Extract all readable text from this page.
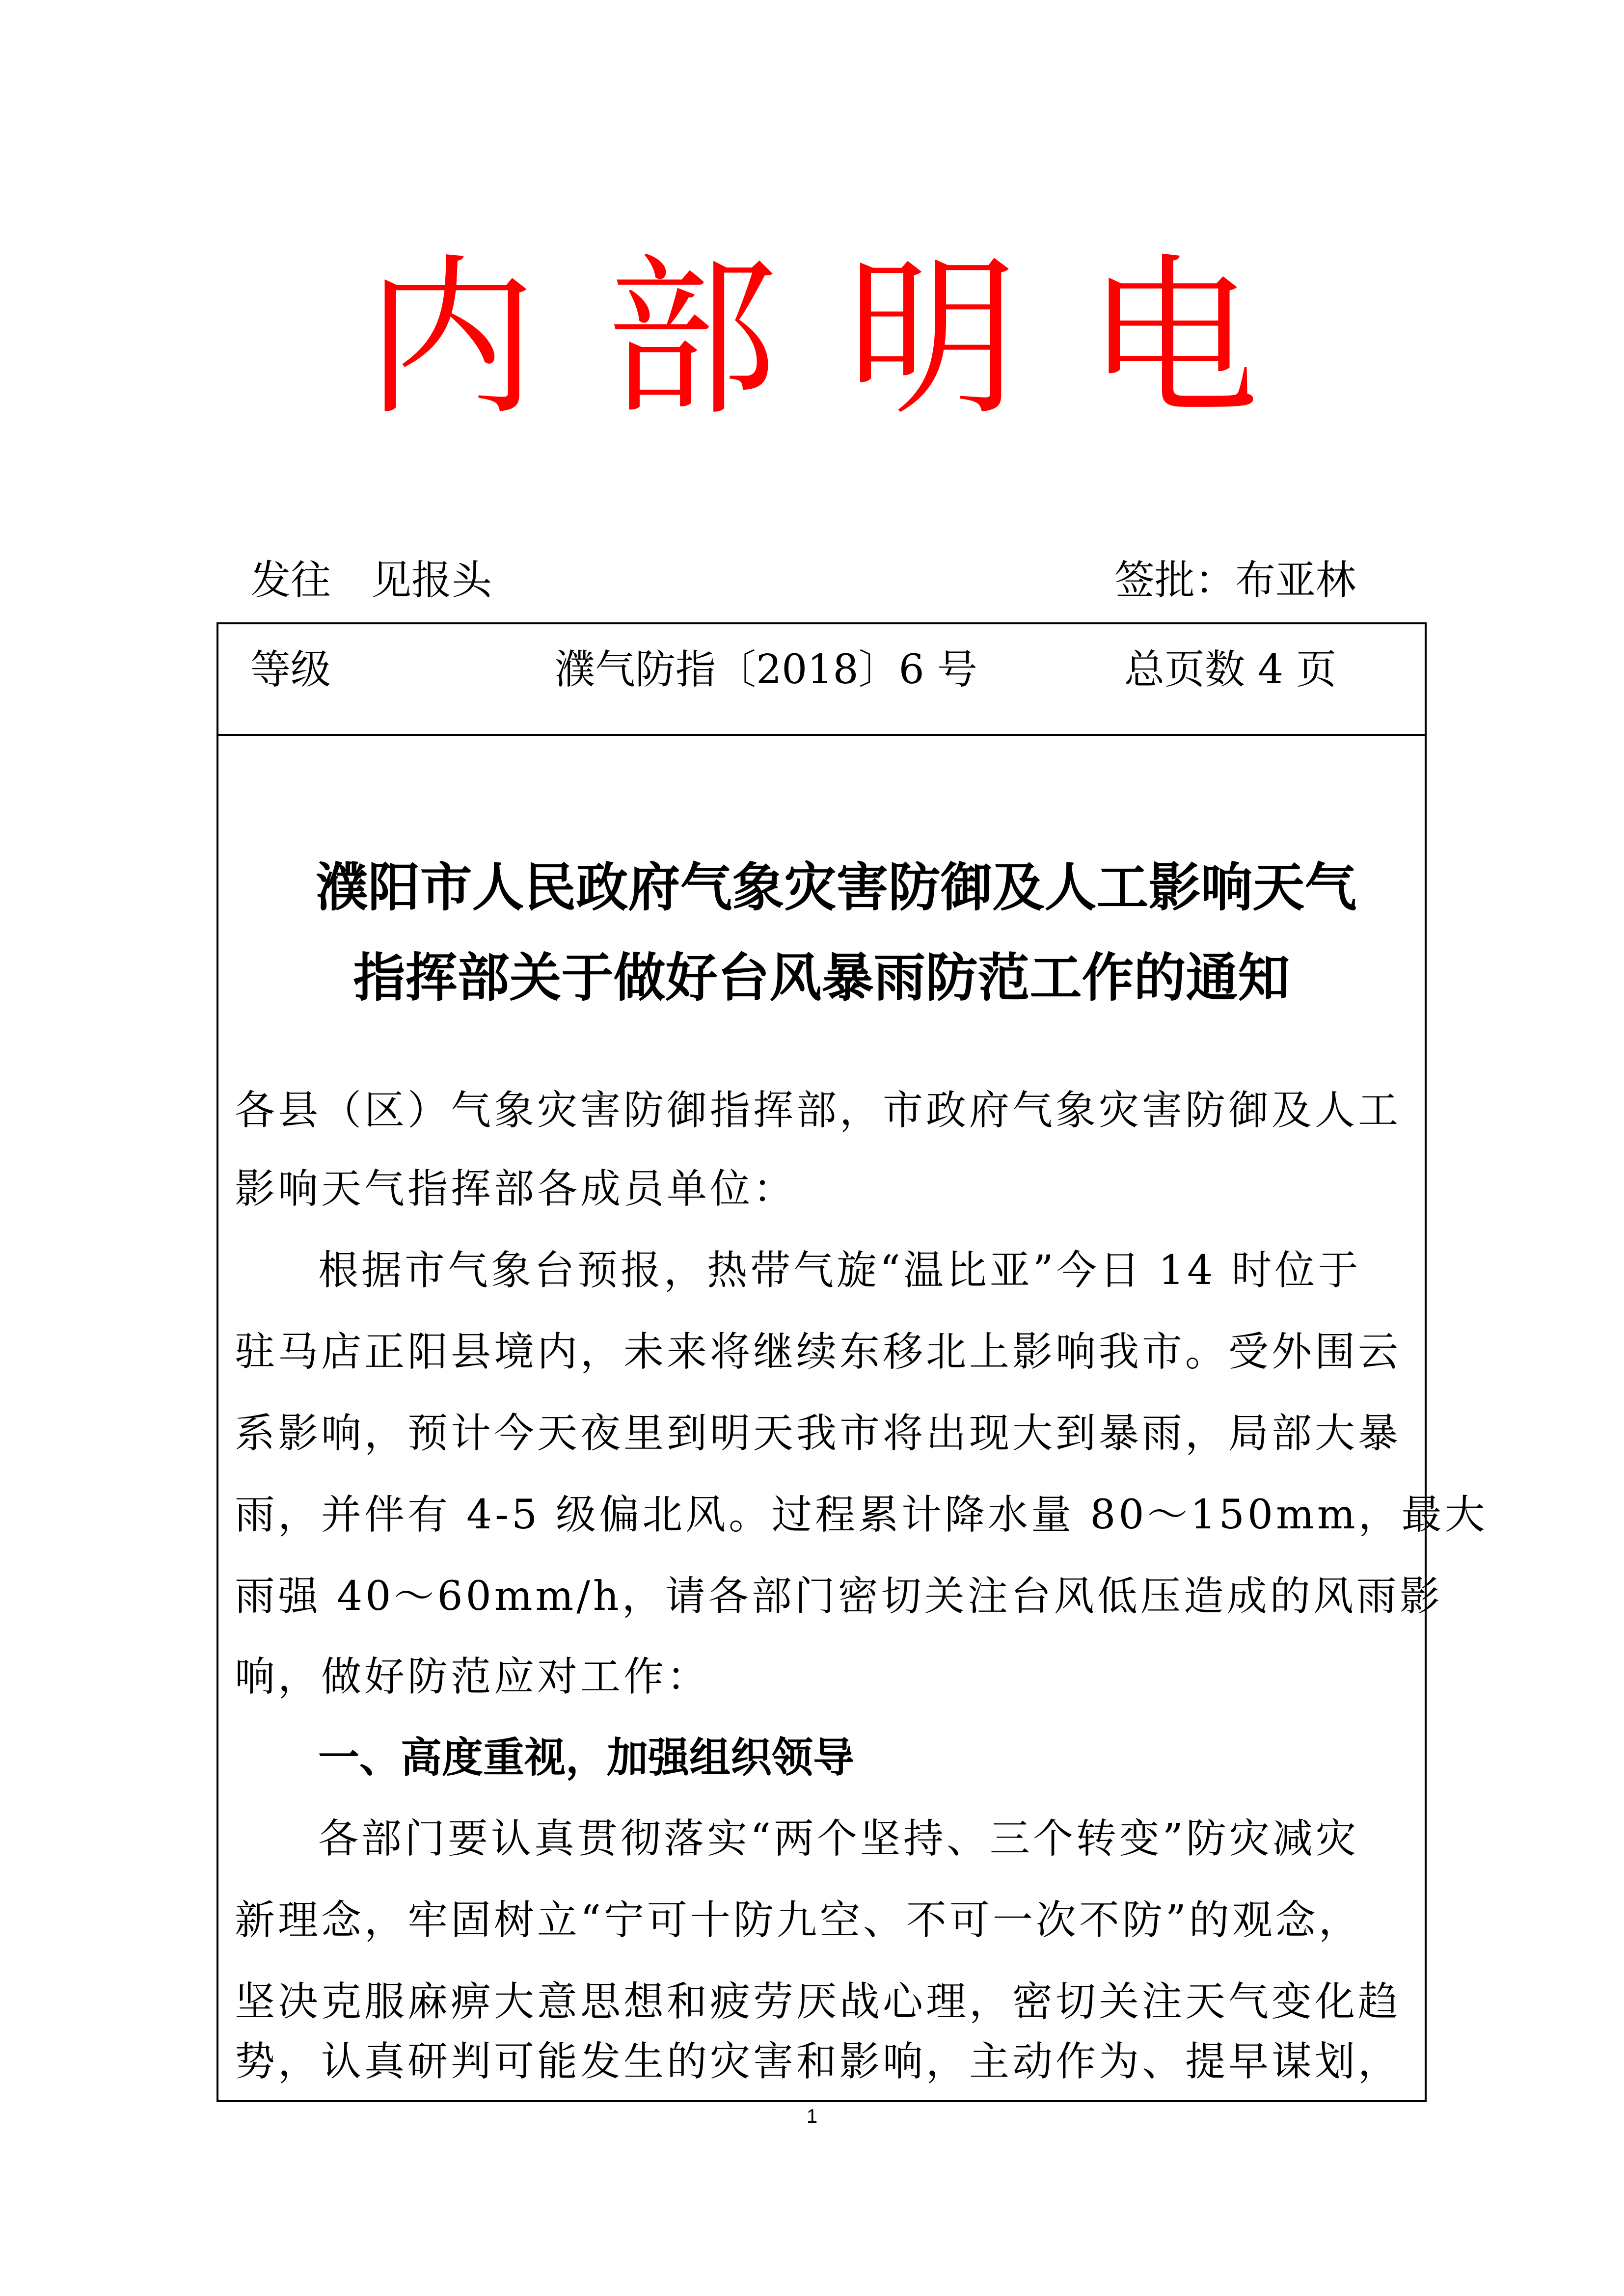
内部明电
发往　见报头	签批：布亚林
等级	濮气防指〔2018〕6 号	总页数 4 页
濮阳市人民政府气象灾害防御及人工影响天气
指挥部关于做好台风暴雨防范工作的通知
各县（区）气象灾害防御指挥部，市政府气象灾害防御及人工
影响天气指挥部各成员单位：
根据市气象台预报，热带气旋“温比亚”今日 14 时位于
驻马店正阳县境内，未来将继续东移北上影响我市。受外围云
系影响，预计今天夜里到明天我市将出现大到暴雨，局部大暴
雨，并伴有 4-5 级偏北风。过程累计降水量 80～150mm，最大
雨强 40～60mm/h，请各部门密切关注台风低压造成的风雨影
响，做好防范应对工作：
一、高度重视，加强组织领导
各部门要认真贯彻落实“两个坚持、三个转变”防灾减灾
新理念，牢固树立“宁可十防九空、不可一次不防”的观念，
坚决克服麻痹大意思想和疲劳厌战心理，密切关注天气变化趋
势，认真研判可能发生的灾害和影响，主动作为、提早谋划，
1
